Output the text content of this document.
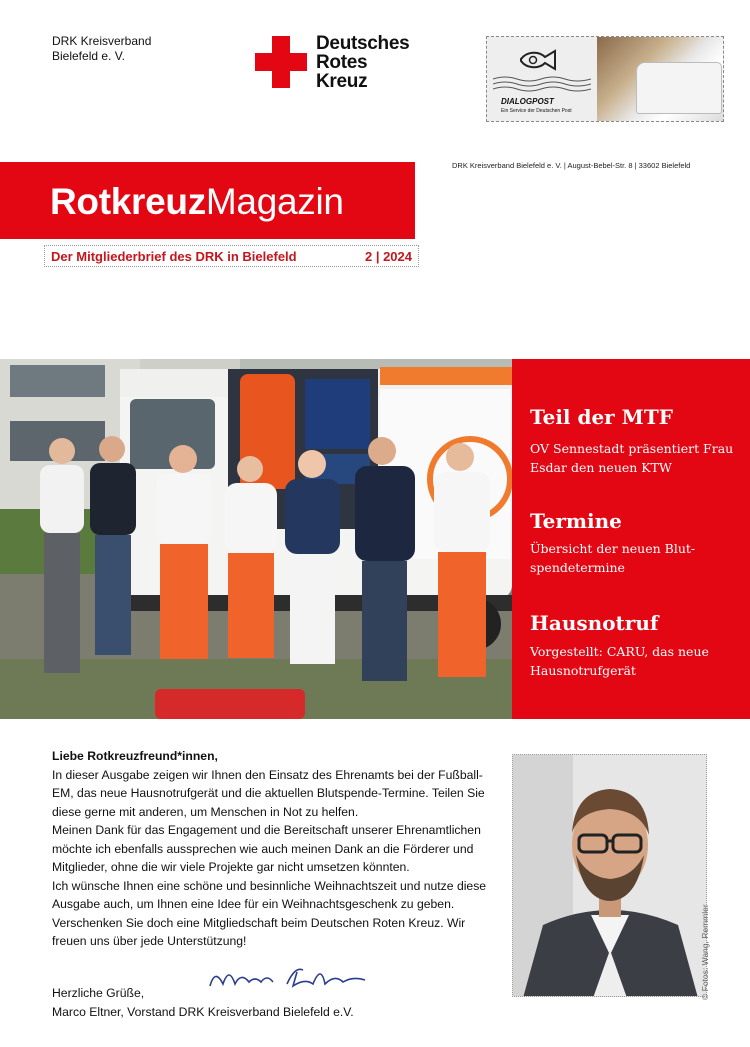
DRK Kreisverband
Bielefeld e. V.
Deutsches
Rotes
Kreuz
DIALOGPOST
Ein Service der Deutschen Post
DRK Kreisverband Bielefeld e. V. | August-Bebel-Str. 8 | 33602 Bielefeld
RotkreuzMagazin
Der Mitgliederbrief des DRK in Bielefeld	2 | 2024
Teil der MTF
OV Sennestadt präsentiert Frau Esdar den neuen KTW
Termine
Übersicht der neuen Blut-spendetermine
Hausnotruf
Vorgestellt: CARU, das neue Hausnotrufgerät

Liebe Rotkreuzfreund*innen,

In dieser Ausgabe zeigen wir Ihnen den Einsatz des Ehrenamts bei der Fußball-EM, das neue Hausnotrufgerät und die aktuellen Blutspende-Termine. Teilen Sie diese gerne mit anderen, um Menschen in Not zu helfen.

Meinen Dank für das Engagement und die Bereitschaft unserer Ehrenamtlichen möchte ich ebenfalls aussprechen wie auch meinen Dank an die Förderer und Mitglieder, ohne die wir viele Projekte gar nicht umsetzen könnten.

Ich wünsche Ihnen eine schöne und besinnliche Weihnachtszeit und nutze diese Ausgabe auch, um Ihnen eine Idee für ein Weihnachtsgeschenk zu geben. Verschenken Sie doch eine Mitgliedschaft beim Deutschen Roten Kreuz. Wir freuen uns über jede Unterstützung!

Herzliche Grüße,
Marco Eltner, Vorstand DRK Kreisverband Bielefeld e.V.
© Fotos: Wang, Remmler
